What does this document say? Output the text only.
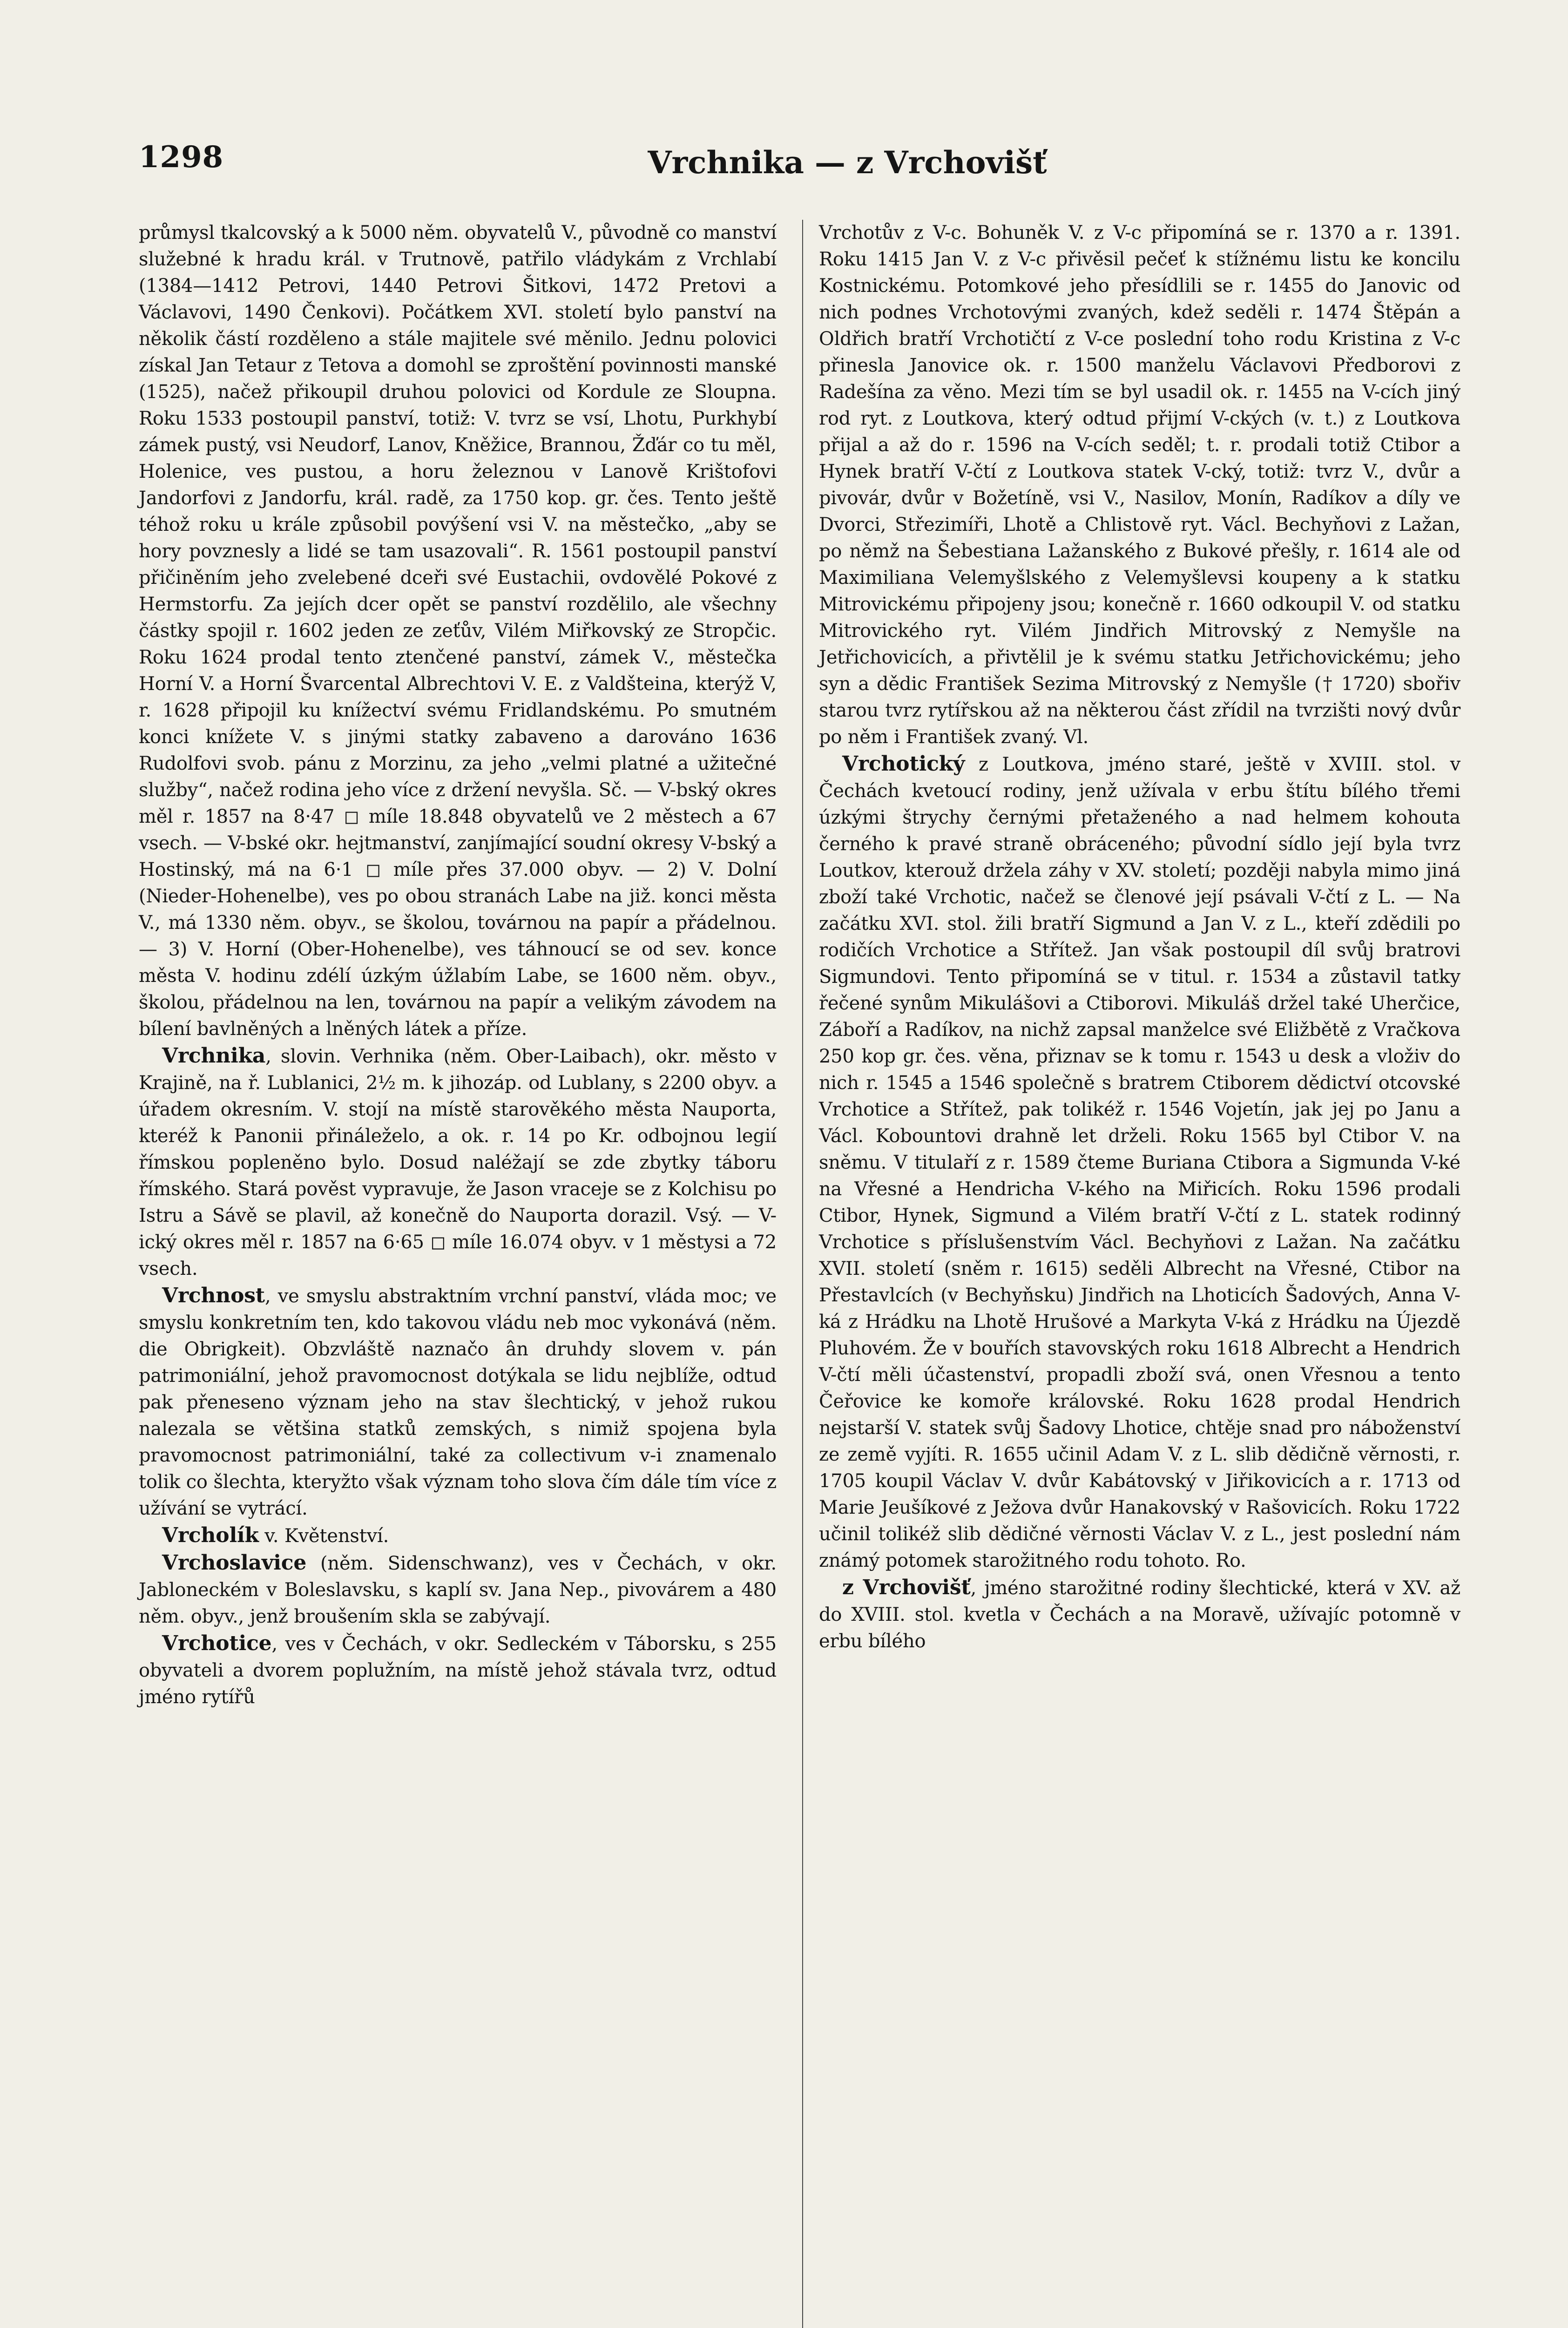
1298	Vrchnika — z Vrchovišť

průmysl tkalcovský a k 5000 něm. obyvatelů V., původně co manství služebné k hradu král. v Trutnově, patřilo vládykám z Vrchlabí (1384—1412 Petrovi, 1440 Petrovi Šitkovi, 1472 Pretovi a Václavovi, 1490 Čenkovi). Počátkem XVI. století bylo panství na několik částí rozděleno a stále majitele své měnilo. Jednu polovici získal Jan Tetaur z Tetova a domohl se zproštění povinnosti manské (1525), načež přikoupil druhou polovici od Kordule ze Sloupna. Roku 1533 postoupil panství, totiž: V. tvrz se vsí, Lhotu, Purkhybí zámek pustý, vsi Neudorf, Lanov, Kněžice, Brannou, Žďár co tu měl, Holenice, ves pustou, a horu železnou v Lanově Krištofovi Jandorfovi z Jandorfu, král. radě, za 1750 kop. gr. čes. Tento ještě téhož roku u krále způsobil povýšení vsi V. na městečko, „aby se hory povznesly a lidé se tam usazovali“. R. 1561 postoupil panství přičiněním jeho zvelebené dceři své Eustachii, ovdovělé Pokové z Hermstorfu. Za jejích dcer opět se panství rozdělilo, ale všechny částky spojil r. 1602 jeden ze zeťův, Vilém Miřkovský ze Stropčic. Roku 1624 prodal tento ztenčené panství, zámek V., městečka Horní V. a Horní Švarcental Albrechtovi V. E. z Valdšteina, kterýž V, r. 1628 připojil ku knížectví svému Fridlandskému. Po smutném konci knížete V. s jinými statky zabaveno a darováno 1636 Rudolfovi svob. pánu z Morzinu, za jeho „velmi platné a užitečné služby“, načež rodina jeho více z držení nevyšla. Sč. — V-bský okres měl r. 1857 na 8·47 ◻ míle 18.848 obyvatelů ve 2 městech a 67 vsech. — V-bské okr. hejtmanství, zanjímající soudní okresy V-bský a Hostinský, má na 6·1 ◻ míle přes 37.000 obyv. — 2) V. Dolní (Nieder-Hohenelbe), ves po obou stranách Labe na již. konci města V., má 1330 něm. obyv., se školou, továrnou na papír a přádelnou. — 3) V. Horní (Ober-Hohenelbe), ves táhnoucí se od sev. konce města V. hodinu zdélí úzkým úžlabím Labe, se 1600 něm. obyv., školou, přádelnou na len, továrnou na papír a velikým závodem na bílení bavlněných a lněných látek a příze.

Vrchnika, slovin. Verhnika (něm. Ober-Laibach), okr. město v Krajině, na ř. Lublanici, 2½ m. k jihozáp. od Lublany, s 2200 obyv. a úřadem okresním. V. stojí na místě starověkého města Nauporta, kteréž k Panonii přináleželo, a ok. r. 14 po Kr. odbojnou legií římskou popleněno bylo. Dosud naléžají se zde zbytky táboru římského. Stará pověst vypravuje, že Jason vraceje se z Kolchisu po Istru a Sávě se plavil, až konečně do Nauporta dorazil. Vsý. — V-ický okres měl r. 1857 na 6·65 ◻ míle 16.074 obyv. v 1 městysi a 72 vsech.

Vrchnost, ve smyslu abstraktním vrchní panství, vláda moc; ve smyslu konkretním ten, kdo takovou vládu neb moc vykonává (něm. die Obrigkeit). Obzvláště naznačo ân druhdy slovem v. pán patrimoniální, jehož pravomocnost dotýkala se lidu nejblíže, odtud pak přeneseno význam jeho na stav šlechtický, v jehož rukou nalezala se většina statků zemských, s nimiž spojena byla pravomocnost patrimoniální, také za collectivum v-i znamenalo tolik co šlechta, kteryžto však význam toho slova čím dále tím více z užívání se vytrácí.

Vrcholík v. Květenství.

Vrchoslavice (něm. Sidenschwanz), ves v Čechách, v okr. Jabloneckém v Boleslavsku, s kaplí sv. Jana Nep., pivovárem a 480 něm. obyv., jenž broušením skla se zabývají.

Vrchotice, ves v Čechách, v okr. Sedleckém v Táborsku, s 255 obyvateli a dvorem poplužním, na místě jehož stávala tvrz, odtud jméno rytířů

Vrchotův z V-c. Bohuněk V. z V-c připomíná se r. 1370 a r. 1391. Roku 1415 Jan V. z V-c přivěsil pečeť k stížnému listu ke koncilu Kostnickému. Potomkové jeho přesídlili se r. 1455 do Janovic od nich podnes Vrchotovými zvaných, kdež seděli r. 1474 Štěpán a Oldřich bratří Vrchotičtí z V-ce poslední toho rodu Kristina z V-c přinesla Janovice ok. r. 1500 manželu Václavovi Předborovi z Radešína za věno. Mezi tím se byl usadil ok. r. 1455 na V-cích jiný rod ryt. z Loutkova, který odtud přijmí V-ckých (v. t.) z Loutkova přijal a až do r. 1596 na V-cích seděl; t. r. prodali totiž Ctibor a Hynek bratří V-čtí z Loutkova statek V-cký, totiž: tvrz V., dvůr a pivovár, dvůr v Božetíně, vsi V., Nasilov, Monín, Radíkov a díly ve Dvorci, Střezimíři, Lhotě a Chlistově ryt. Václ. Bechyňovi z Lažan, po němž na Šebestiana Lažanského z Bukové přešly, r. 1614 ale od Maximiliana Velemyšlského z Velemyšlevsi koupeny a k statku Mitrovickému připojeny jsou; konečně r. 1660 odkoupil V. od statku Mitrovického ryt. Vilém Jindřich Mitrovský z Nemyšle na Jetřichovicích, a přivtělil je k svému statku Jetřichovickému; jeho syn a dědic František Sezima Mitrovský z Nemyšle († 1720) sbořiv starou tvrz rytířskou až na některou část zřídil na tvrzišti nový dvůr po něm i František zvaný. Vl.

Vrchotický z Loutkova, jméno staré, ještě v XVIII. stol. v Čechách kvetoucí rodiny, jenž užívala v erbu štítu bílého třemi úzkými štrychy černými přetaženého a nad helmem kohouta černého k pravé straně obráceného; původní sídlo její byla tvrz Loutkov, kterouž držela záhy v XV. století; později nabyla mimo jiná zboží také Vrchotic, načež se členové její psávali V-čtí z L. — Na začátku XVI. stol. žili bratří Sigmund a Jan V. z L., kteří zdědili po rodičích Vrchotice a Střítež. Jan však postoupil díl svůj bratrovi Sigmundovi. Tento připomíná se v titul. r. 1534 a zůstavil tatky řečené synům Mikulášovi a Ctiborovi. Mikuláš držel také Uherčice, Záboří a Radíkov, na nichž zapsal manželce své Eližbětě z Vračkova 250 kop gr. čes. věna, přiznav se k tomu r. 1543 u desk a vloživ do nich r. 1545 a 1546 společně s bratrem Ctiborem dědictví otcovské Vrchotice a Střítež, pak tolikéž r. 1546 Vojetín, jak jej po Janu a Václ. Kobountovi drahně let drželi. Roku 1565 byl Ctibor V. na sněmu. V titulaří z r. 1589 čteme Buriana Ctibora a Sigmunda V-ké na Vřesné a Hendricha V-kého na Miřicích. Roku 1596 prodali Ctibor, Hynek, Sigmund a Vilém bratří V-čtí z L. statek rodinný Vrchotice s příslušenstvím Václ. Bechyňovi z Lažan. Na začátku XVII. století (sněm r. 1615) seděli Albrecht na Vřesné, Ctibor na Přestavlcích (v Bechyňsku) Jindřich na Lhoticích Šadových, Anna V-ká z Hrádku na Lhotě Hrušové a Markyta V-ká z Hrádku na Újezdě Pluhovém. Že v bouřích stavovských roku 1618 Albrecht a Hendrich V-čtí měli účastenství, propadli zboží svá, onen Vřesnou a tento Čeřovice ke komoře královské. Roku 1628 prodal Hendrich nejstarší V. statek svůj Šadovy Lhotice, chtěje snad pro náboženství ze země vyjíti. R. 1655 učinil Adam V. z L. slib dědičně věrnosti, r. 1705 koupil Václav V. dvůr Kabátovský v Jiřikovicích a r. 1713 od Marie Jeušíkové z Ježova dvůr Hanakovský v Rašovicích. Roku 1722 učinil tolikéž slib dědičné věrnosti Václav V. z L., jest poslední nám známý potomek starožitného rodu tohoto. Ro.

z Vrchovišť, jméno starožitné rodiny šlechtické, která v XV. až do XVIII. stol. kvetla v Čechách a na Moravě, užívajíc potomně v erbu bílého
